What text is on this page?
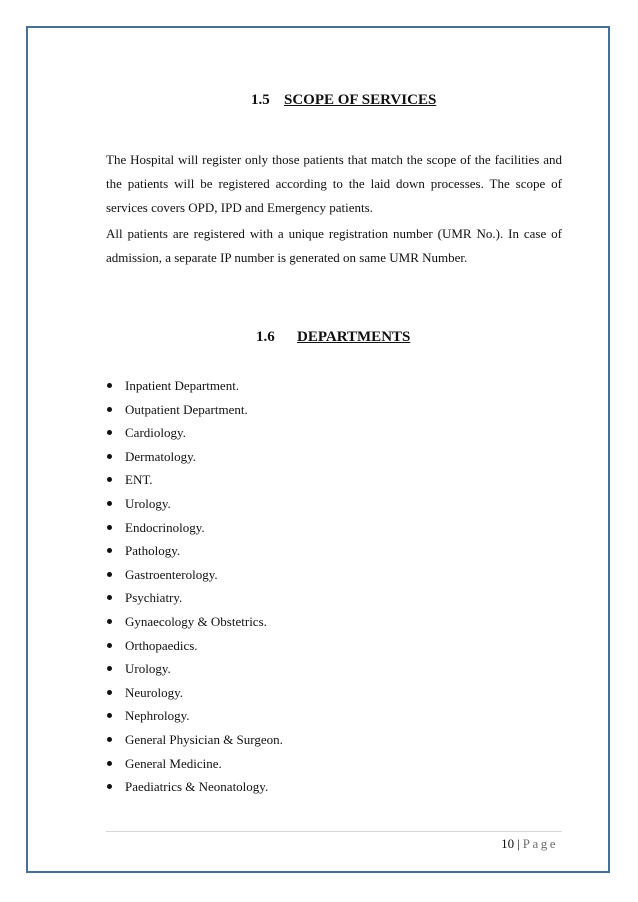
1.5 SCOPE OF SERVICES

The Hospital will register only those patients that match the scope of the facilities and the patients will be registered according to the laid down processes. The scope of services covers OPD, IPD and Emergency patients.

All patients are registered with a unique registration number (UMR No.). In case of admission, a separate IP number is generated on same UMR Number.

1.6 DEPARTMENTS
Inpatient Department.
Outpatient Department.
Cardiology.
Dermatology.
ENT.
Urology.
Endocrinology.
Pathology.
Gastroenterology.
Psychiatry.
Gynaecology & Obstetrics.
Orthopaedics.
Urology.
Neurology.
Nephrology.
General Physician & Surgeon.
General Medicine.
Paediatrics & Neonatology.
10 | Page
